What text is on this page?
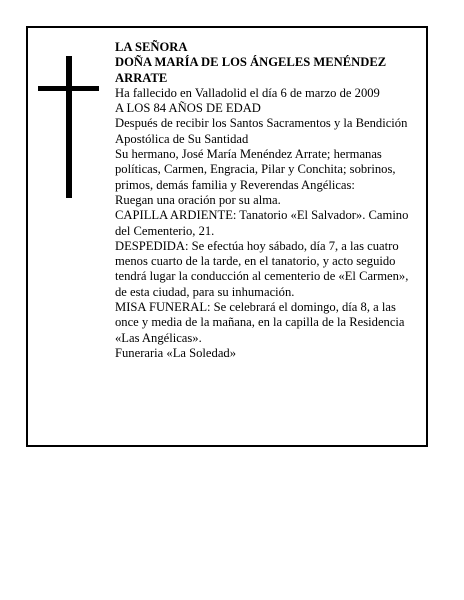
LA SEÑORA

DOÑA MARÍA DE LOS ÁNGELES MENÉNDEZ ARRATE

Ha fallecido en Valladolid el día 6 de marzo de 2009

A LOS 84 AÑOS DE EDAD

Después de recibir los Santos Sacramentos y la Bendición Apostólica de Su Santidad

Su hermano, José María Menéndez Arrate; hermanas políticas, Carmen, Engracia, Pilar y Conchita; sobrinos, primos, demás familia y Reverendas Angélicas:

Ruegan una oración por su alma.

CAPILLA ARDIENTE: Tanatorio «El Salvador». Camino del Cementerio, 21.

DESPEDIDA: Se efectúa hoy sábado, día 7, a las cuatro menos cuarto de la tarde, en el tanatorio, y acto seguido tendrá lugar la conducción al cementerio de «El Carmen», de esta ciudad, para su inhumación.

MISA FUNERAL: Se celebrará el domingo, día 8, a las once y media de la mañana, en la capilla de la Residencia «Las Angélicas».

Funeraria «La Soledad»
